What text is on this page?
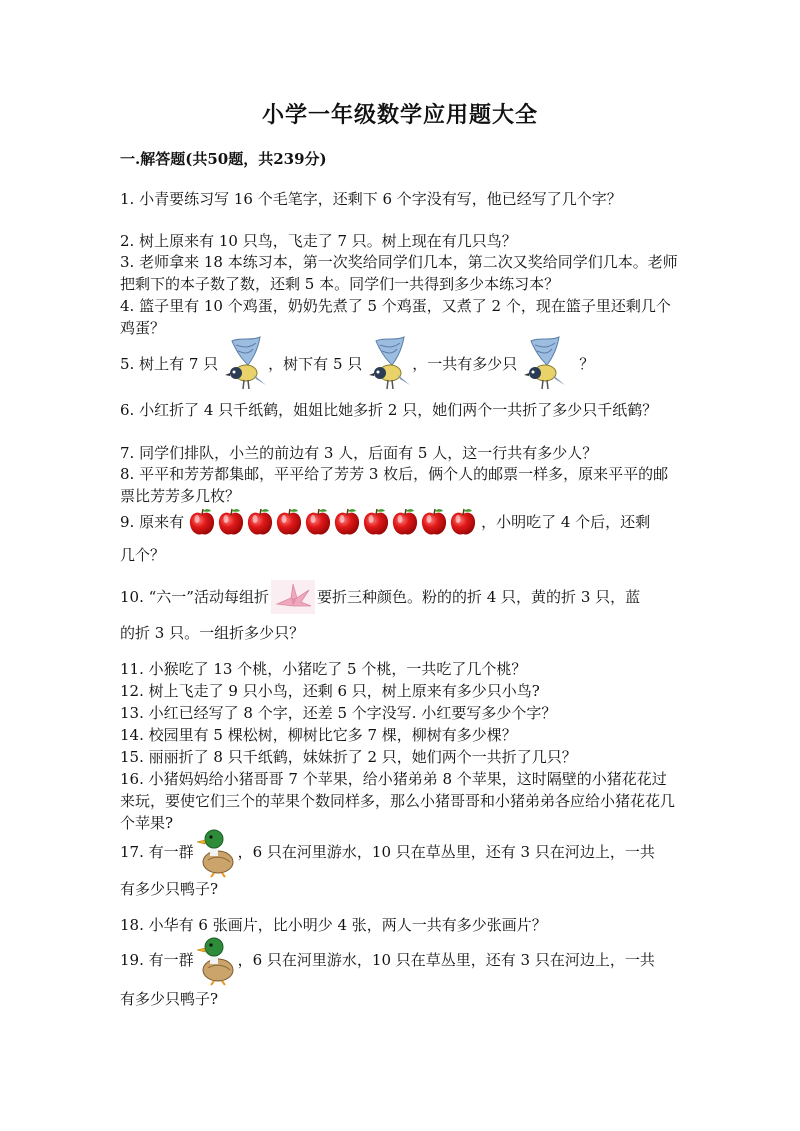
小学一年级数学应用题大全
一.解答题(共50题，共239分)
1. 小青要练习写 16 个毛笔字，还剩下 6 个字没有写，他已经写了几个字？
2. 树上原来有 10 只鸟，飞走了 7 只。树上现在有几只鸟？
3. 老师拿来 18 本练习本，第一次奖给同学们几本，第二次又奖给同学们几本。老师把剩下的本子数了数，还剩 5 本。同学们一共得到多少本练习本？
4. 篮子里有 10 个鸡蛋，奶奶先煮了 5 个鸡蛋，又煮了 2 个，现在篮子里还剩几个鸡蛋？
5. 树上有 7 只	，树下有 5 只	，一共有多少只	？
6. 小红折了 4 只千纸鹤，姐姐比她多折 2 只，她们两个一共折了多少只千纸鹤？
7. 同学们排队，小兰的前边有 3 人，后面有 5 人，这一行共有多少人？
8. 平平和芳芳都集邮，平平给了芳芳 3 枚后，俩个人的邮票一样多，原来平平的邮票比芳芳多几枚？
9. 原来有	，小明吃了 4 个后，还剩
几个？
10. “六一”活动每组折	要折三种颜色。粉的的折 4 只，黄的折 3 只，蓝
的折 3 只。一组折多少只？
11. 小猴吃了 13 个桃，小猪吃了 5 个桃，一共吃了几个桃？
12. 树上飞走了 9 只小鸟，还剩 6 只，树上原来有多少只小鸟?
13. 小红已经写了 8 个字，还差 5 个字没写. 小红要写多少个字？
14. 校园里有 5 棵松树，柳树比它多 7 棵，柳树有多少棵？
15. 丽丽折了 8 只千纸鹤，妹妹折了 2 只，她们两个一共折了几只？
16. 小猪妈妈给小猪哥哥 7 个苹果，给小猪弟弟 8 个苹果，这时隔壁的小猪花花过来玩，要使它们三个的苹果个数同样多，那么小猪哥哥和小猪弟弟各应给小猪花花几个苹果?
17. 有一群	，6 只在河里游水，10 只在草丛里，还有 3 只在河边上，一共
有多少只鸭子?
18. 小华有 6 张画片，比小明少 4 张，两人一共有多少张画片？
19. 有一群	，6 只在河里游水，10 只在草丛里，还有 3 只在河边上，一共
有多少只鸭子?
